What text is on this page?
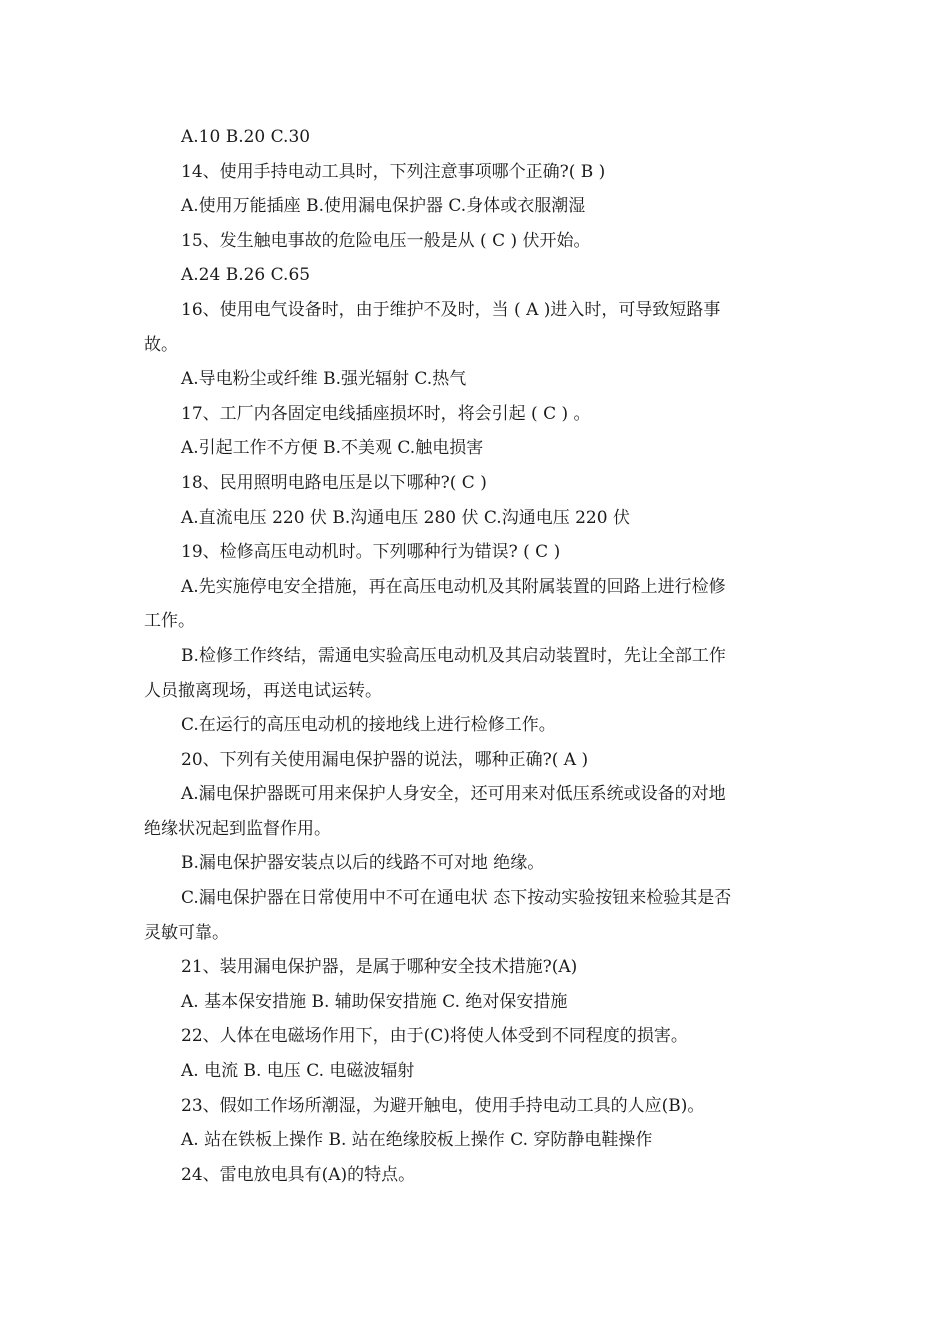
A.10 B.20 C.30
14、使用手持电动工具时，下列注意事项哪个正确?( B )
A.使用万能插座 B.使用漏电保护器 C.身体或衣服潮湿
15、发生触电事故的危险电压一般是从 ( C ) 伏开始。
A.24 B.26 C.65
16、使用电气设备时，由于维护不及时，当 ( A )进入时，可导致短路事
故。
A.导电粉尘或纤维 B.强光辐射 C.热气
17、工厂内各固定电线插座损坏时，将会引起 ( C ) 。
A.引起工作不方便 B.不美观 C.触电损害
18、民用照明电路电压是以下哪种?( C )
A.直流电压 220 伏 B.沟通电压 280 伏 C.沟通电压 220 伏
19、检修高压电动机时。下列哪种行为错误? ( C )
A.先实施停电安全措施，再在高压电动机及其附属装置的回路上进行检修
工作。
B.检修工作终结，需通电实验高压电动机及其启动装置时，先让全部工作
人员撤离现场，再送电试运转。
C.在运行的高压电动机的接地线上进行检修工作。
20、下列有关使用漏电保护器的说法，哪种正确?( A )
A.漏电保护器既可用来保护人身安全，还可用来对低压系统或设备的对地
绝缘状况起到监督作用。
B.漏电保护器安装点以后的线路不可对地 绝缘。
C.漏电保护器在日常使用中不可在通电状 态下按动实验按钮来检验其是否
灵敏可靠。
21、装用漏电保护器，是属于哪种安全技术措施?(A)
A. 基本保安措施 B. 辅助保安措施 C. 绝对保安措施
22、人体在电磁场作用下，由于(C)将使人体受到不同程度的损害。
A. 电流 B. 电压 C. 电磁波辐射
23、假如工作场所潮湿，为避开触电，使用手持电动工具的人应(B)。
A. 站在铁板上操作 B. 站在绝缘胶板上操作 C. 穿防静电鞋操作
24、雷电放电具有(A)的特点。
